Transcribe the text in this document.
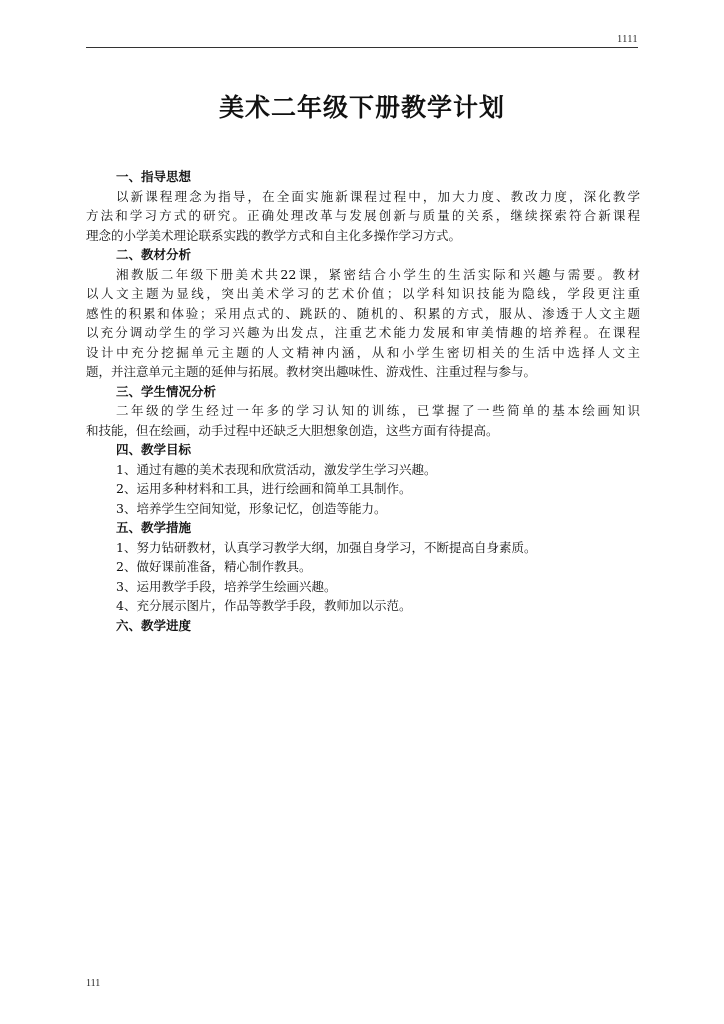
1111
美术二年级下册教学计划
一、指导思想
以新课程理念为指导，在全面实施新课程过程中，加大力度、教改力度，深化教学
方法和学习方式的研究。正确处理改革与发展创新与质量的关系，继续探索符合新课程
理念的小学美术理论联系实践的教学方式和自主化多操作学习方式。
二、教材分析
湘教版二年级下册美术共22课，紧密结合小学生的生活实际和兴趣与需要。教材
以人文主题为显线，突出美术学习的艺术价值；以学科知识技能为隐线，学段更注重
感性的积累和体验；采用点式的、跳跃的、随机的、积累的方式，服从、渗透于人文主题
以充分调动学生的学习兴趣为出发点，注重艺术能力发展和审美情趣的培养程。在课程
设计中充分挖掘单元主题的人文精神内涵，从和小学生密切相关的生活中选择人文主
题，并注意单元主题的延伸与拓展。教材突出趣味性、游戏性、注重过程与参与。
三、学生情况分析
二年级的学生经过一年多的学习认知的训练，已掌握了一些简单的基本绘画知识
和技能，但在绘画，动手过程中还缺乏大胆想象创造，这些方面有待提高。
四、教学目标
1、通过有趣的美术表现和欣赏活动，激发学生学习兴趣。
2、运用多种材料和工具，进行绘画和简单工具制作。
3、培养学生空间知觉，形象记忆，创造等能力。
五、教学措施
1、努力钻研教材，认真学习教学大纲，加强自身学习，不断提高自身素质。
2、做好课前准备，精心制作教具。
3、运用教学手段，培养学生绘画兴趣。
4、充分展示图片，作品等教学手段，教师加以示范。
六、教学进度
111
